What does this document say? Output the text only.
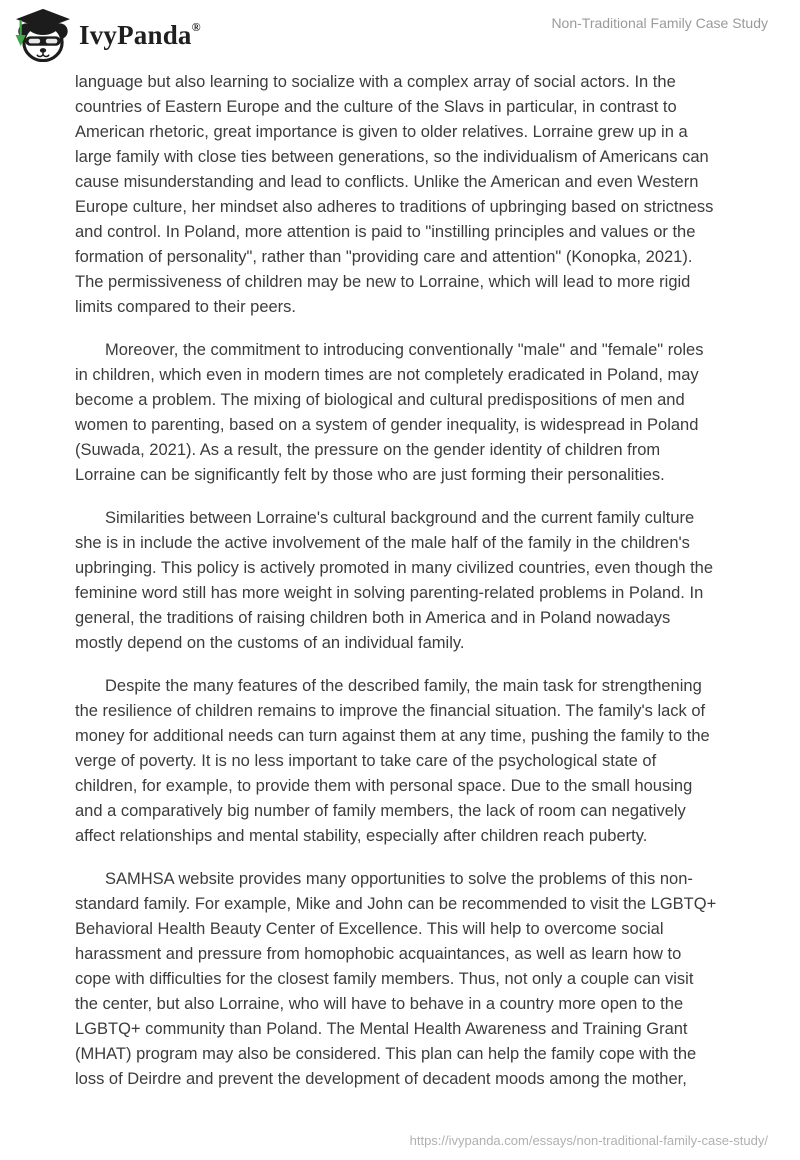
IvyPanda®	Non-Traditional Family Case Study

language but also learning to socialize with a complex array of social actors. In the countries of Eastern Europe and the culture of the Slavs in particular, in contrast to American rhetoric, great importance is given to older relatives. Lorraine grew up in a large family with close ties between generations, so the individualism of Americans can cause misunderstanding and lead to conflicts. Unlike the American and even Western Europe culture, her mindset also adheres to traditions of upbringing based on strictness and control. In Poland, more attention is paid to "instilling principles and values or the formation of personality", rather than "providing care and attention" (Konopka, 2021). The permissiveness of children may be new to Lorraine, which will lead to more rigid limits compared to their peers.

Moreover, the commitment to introducing conventionally "male" and "female" roles in children, which even in modern times are not completely eradicated in Poland, may become a problem. The mixing of biological and cultural predispositions of men and women to parenting, based on a system of gender inequality, is widespread in Poland (Suwada, 2021). As a result, the pressure on the gender identity of children from Lorraine can be significantly felt by those who are just forming their personalities.

Similarities between Lorraine's cultural background and the current family culture she is in include the active involvement of the male half of the family in the children's upbringing. This policy is actively promoted in many civilized countries, even though the feminine word still has more weight in solving parenting-related problems in Poland. In general, the traditions of raising children both in America and in Poland nowadays mostly depend on the customs of an individual family.

Despite the many features of the described family, the main task for strengthening the resilience of children remains to improve the financial situation. The family's lack of money for additional needs can turn against them at any time, pushing the family to the verge of poverty. It is no less important to take care of the psychological state of children, for example, to provide them with personal space. Due to the small housing and a comparatively big number of family members, the lack of room can negatively affect relationships and mental stability, especially after children reach puberty.

SAMHSA website provides many opportunities to solve the problems of this non-standard family. For example, Mike and John can be recommended to visit the LGBTQ+ Behavioral Health Beauty Center of Excellence. This will help to overcome social harassment and pressure from homophobic acquaintances, as well as learn how to cope with difficulties for the closest family members. Thus, not only a couple can visit the center, but also Lorraine, who will have to behave in a country more open to the LGBTQ+ community than Poland. The Mental Health Awareness and Training Grant (MHAT) program may also be considered. This plan can help the family cope with the loss of Deirdre and prevent the development of decadent moods among the mother,

https://ivypanda.com/essays/non-traditional-family-case-study/
